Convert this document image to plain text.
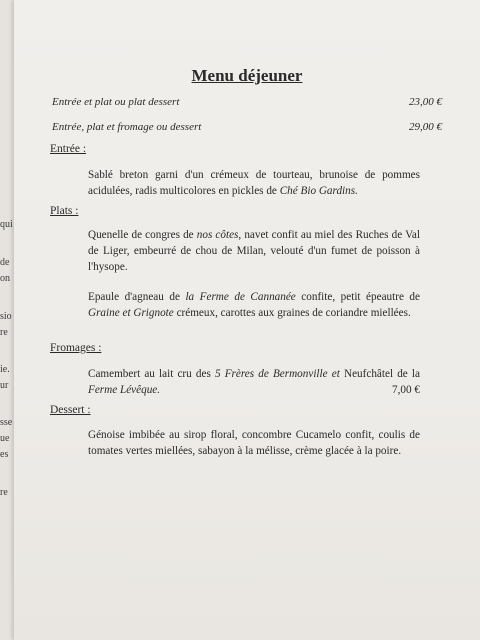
qui
de
on
sio
re
ie.
ur
sse
ue
es
re
Menu déjeuner
Entrée et plat ou plat dessert	23,00 €
Entrée, plat et fromage ou dessert	29,00 €
Entrée :
Sablé breton garni d'un crémeux de tourteau, brunoise de pommes acidulées, radis multicolores en pickles de Ché Bio Gardins.
Plats :
Quenelle de congres de nos côtes, navet confit au miel des Ruches de Val de Liger, embeurré de chou de Milan, velouté d'un fumet de poisson à l'hysope.
Epaule d'agneau de la Ferme de Cannanée confite, petit épeautre de Graine et Grignote crémeux, carottes aux graines de coriandre miellées.
Fromages :
Camembert au lait cru des 5 Frères de Bermonville et Neufchâtel de la Ferme Lévêque.	7,00 €
Dessert :
Génoise imbibée au sirop floral, concombre Cucamelo confit, coulis de tomates vertes miellées, sabayon à la mélisse, crème glacée à la poire.
